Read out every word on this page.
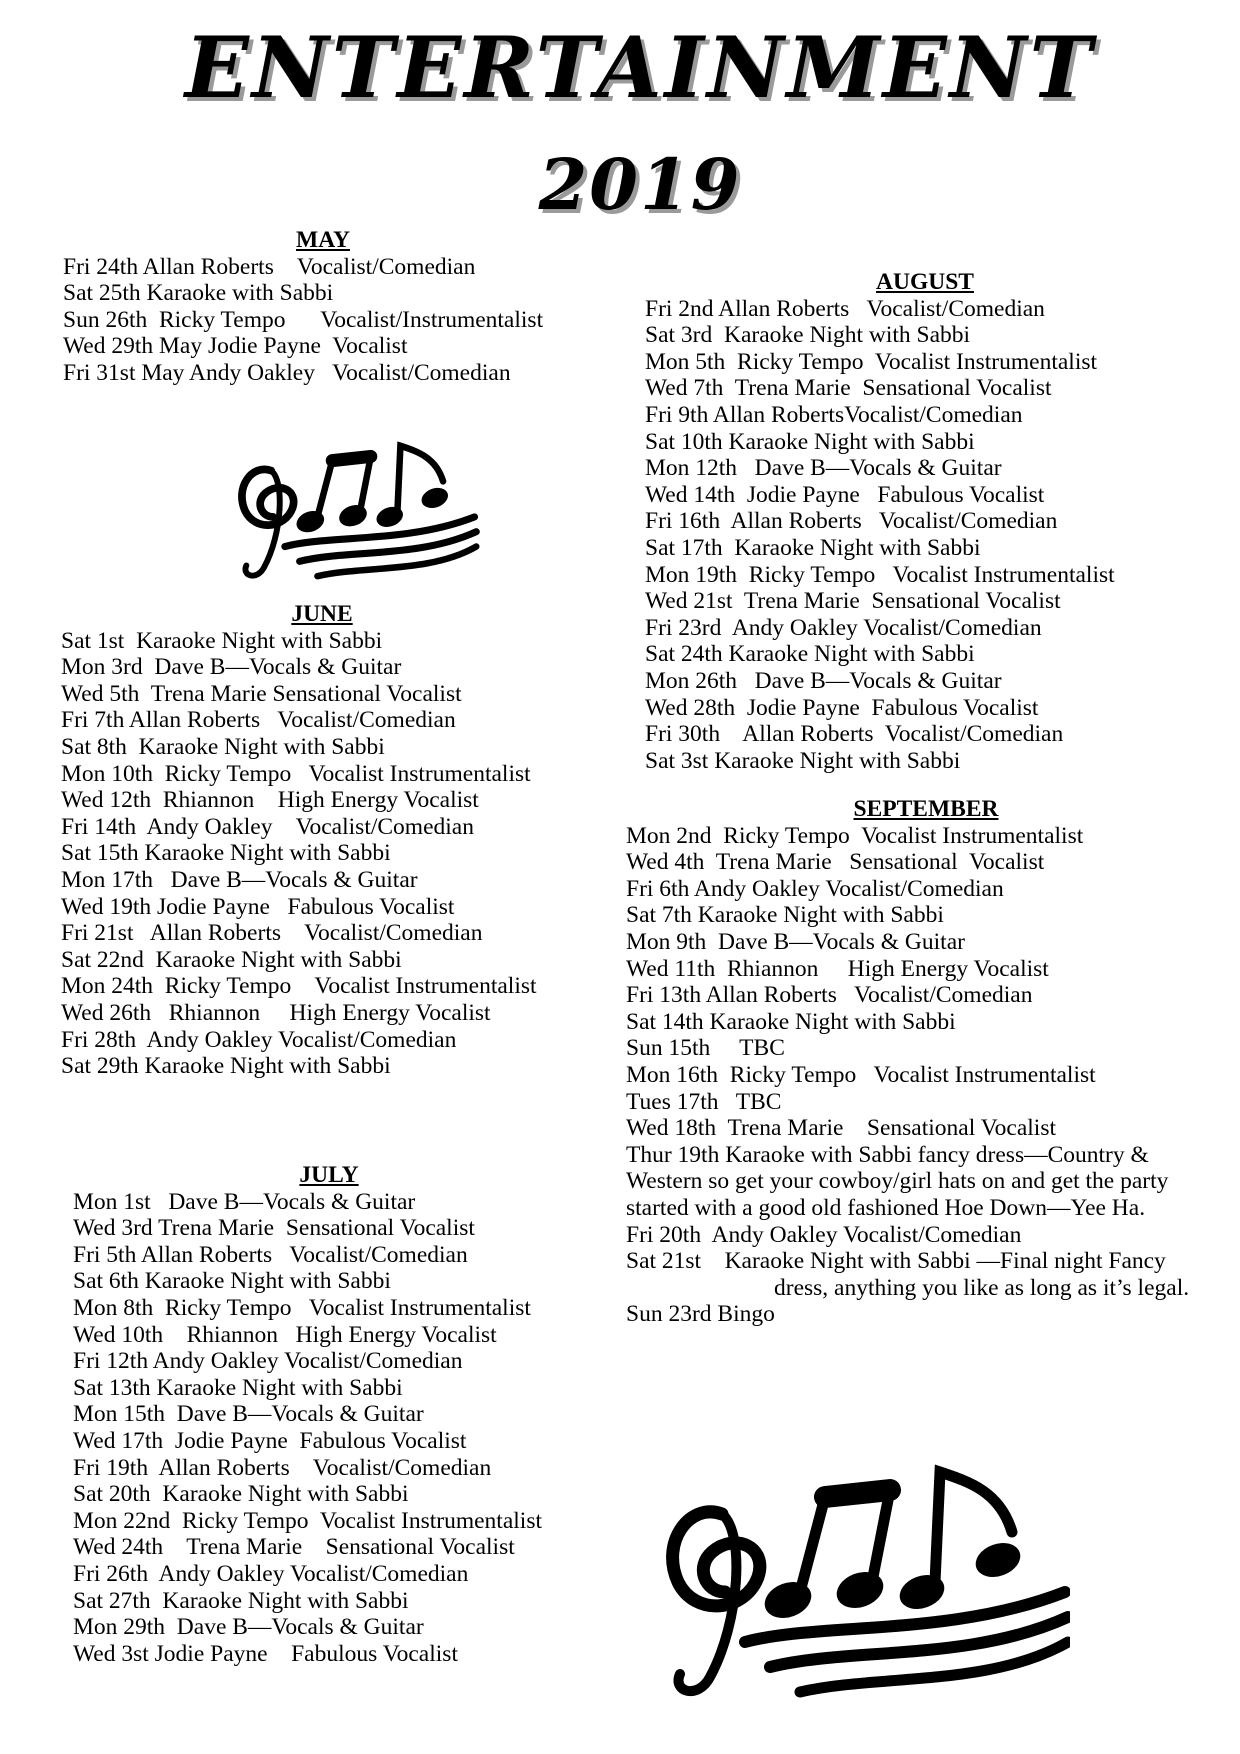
ENTERTAINMENT
2019

MAY

Fri 24th Allan Roberts    Vocalist/Comedian
Sat 25th Karaoke with Sabbi
Sun 26th  Ricky Tempo      Vocalist/Instrumentalist
Wed 29th May Jodie Payne  Vocalist
Fri 31st May Andy Oakley   Vocalist/Comedian

JUNE

Sat 1st  Karaoke Night with Sabbi
Mon 3rd  Dave B—Vocals & Guitar
Wed 5th  Trena Marie Sensational Vocalist
Fri 7th Allan Roberts   Vocalist/Comedian
Sat 8th  Karaoke Night with Sabbi
Mon 10th  Ricky Tempo   Vocalist Instrumentalist
Wed 12th  Rhiannon    High Energy Vocalist
Fri 14th  Andy Oakley    Vocalist/Comedian
Sat 15th Karaoke Night with Sabbi
Mon 17th   Dave B—Vocals & Guitar
Wed 19th Jodie Payne   Fabulous Vocalist
Fri 21st   Allan Roberts    Vocalist/Comedian
Sat 22nd  Karaoke Night with Sabbi
Mon 24th  Ricky Tempo    Vocalist Instrumentalist
Wed 26th   Rhiannon     High Energy Vocalist
Fri 28th  Andy Oakley Vocalist/Comedian
Sat 29th Karaoke Night with Sabbi

JULY

Mon 1st   Dave B—Vocals & Guitar
Wed 3rd Trena Marie  Sensational Vocalist
Fri 5th Allan Roberts   Vocalist/Comedian
Sat 6th Karaoke Night with Sabbi
Mon 8th  Ricky Tempo   Vocalist Instrumentalist
Wed 10th    Rhiannon   High Energy Vocalist
Fri 12th Andy Oakley Vocalist/Comedian
Sat 13th Karaoke Night with Sabbi
Mon 15th  Dave B—Vocals & Guitar
Wed 17th  Jodie Payne  Fabulous Vocalist
Fri 19th  Allan Roberts    Vocalist/Comedian
Sat 20th  Karaoke Night with Sabbi
Mon 22nd  Ricky Tempo  Vocalist Instrumentalist
Wed 24th    Trena Marie    Sensational Vocalist
Fri 26th  Andy Oakley Vocalist/Comedian
Sat 27th  Karaoke Night with Sabbi
Mon 29th  Dave B—Vocals & Guitar
Wed 3st Jodie Payne    Fabulous Vocalist

AUGUST

Fri 2nd Allan Roberts   Vocalist/Comedian
Sat 3rd  Karaoke Night with Sabbi
Mon 5th  Ricky Tempo  Vocalist Instrumentalist
Wed 7th  Trena Marie  Sensational Vocalist
Fri 9th Allan RobertsVocalist/Comedian
Sat 10th Karaoke Night with Sabbi
Mon 12th   Dave B—Vocals & Guitar
Wed 14th  Jodie Payne   Fabulous Vocalist
Fri 16th  Allan Roberts   Vocalist/Comedian
Sat 17th  Karaoke Night with Sabbi
Mon 19th  Ricky Tempo   Vocalist Instrumentalist
Wed 21st  Trena Marie  Sensational Vocalist
Fri 23rd  Andy Oakley Vocalist/Comedian
Sat 24th Karaoke Night with Sabbi
Mon 26th   Dave B—Vocals & Guitar
Wed 28th  Jodie Payne  Fabulous Vocalist
Fri 30th    Allan Roberts  Vocalist/Comedian
Sat 3st Karaoke Night with Sabbi

SEPTEMBER

Mon 2nd  Ricky Tempo  Vocalist Instrumentalist
Wed 4th  Trena Marie   Sensational  Vocalist
Fri 6th Andy Oakley Vocalist/Comedian
Sat 7th Karaoke Night with Sabbi
Mon 9th  Dave B—Vocals & Guitar
Wed 11th  Rhiannon     High Energy Vocalist
Fri 13th Allan Roberts   Vocalist/Comedian
Sat 14th Karaoke Night with Sabbi
Sun 15th     TBC
Mon 16th  Ricky Tempo   Vocalist Instrumentalist
Tues 17th   TBC
Wed 18th  Trena Marie    Sensational Vocalist
Thur 19th Karaoke with Sabbi fancy dress—Country & Western so get your cowboy/girl hats on and get the party started with a good old fashioned Hoe Down—Yee Ha.
Fri 20th  Andy Oakley Vocalist/Comedian
Sat 21st    Karaoke Night with Sabbi —Final night Fancy
dress, anything you like as long as it’s legal.
Sun 23rd Bingo
